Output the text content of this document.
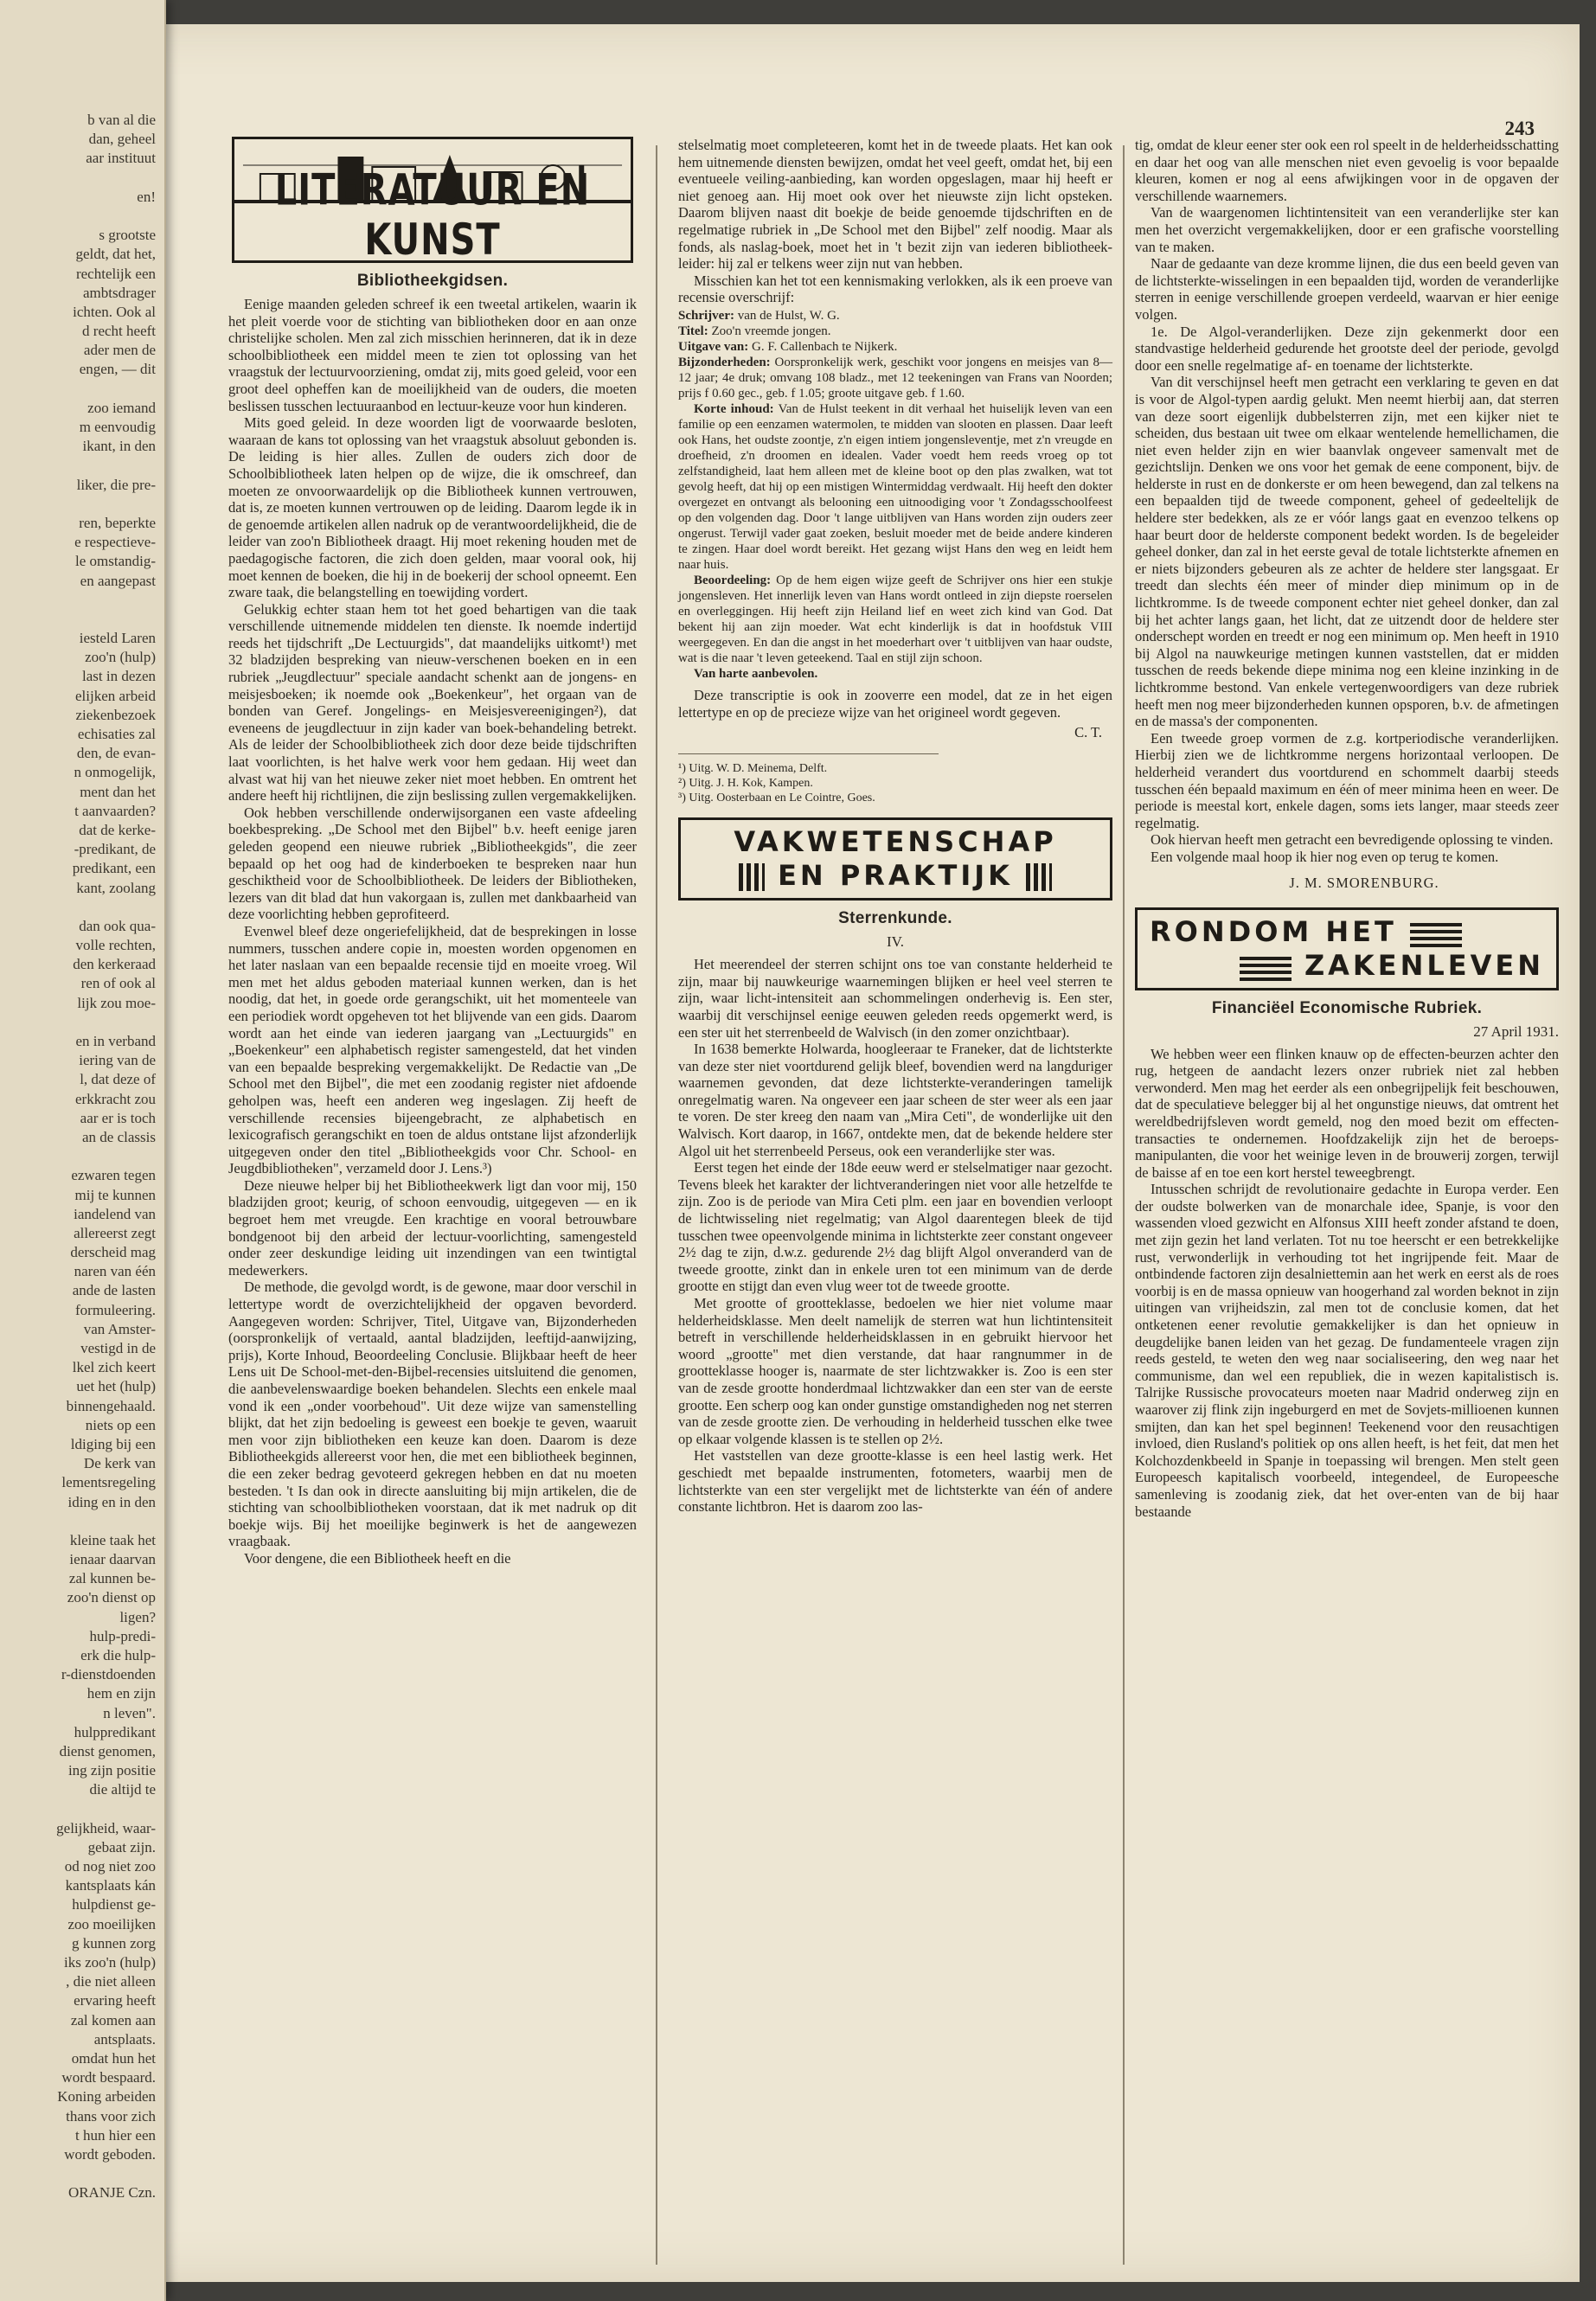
243
LITERATUUR EN KUNST
Bibliotheekgidsen.

Eenige maanden geleden schreef ik een tweetal artikelen, waarin ik het pleit voerde voor de stichting van bibliotheken door en aan onze christelijke scholen. Men zal zich misschien herinneren, dat ik in deze schoolbibliotheek een middel meen te zien tot oplossing van het vraagstuk der lectuurvoorziening, omdat zij, mits goed geleid, voor een groot deel opheffen kan de moeilijkheid van de ouders, die moeten beslissen tusschen lectuuraanbod en lectuur-keuze voor hun kinderen.

Mits goed geleid. In deze woorden ligt de voorwaarde besloten, waaraan de kans tot oplossing van het vraagstuk absoluut gebonden is. De leiding is hier alles. Zullen de ouders zich door de Schoolbibliotheek laten helpen op de wijze, die ik omschreef, dan moeten ze onvoorwaardelijk op die Bibliotheek kunnen vertrouwen, dat is, ze moeten kunnen vertrouwen op de leiding. Daarom legde ik in de genoemde artikelen allen nadruk op de verantwoordelijkheid, die de leider van zoo'n Bibliotheek draagt. Hij moet rekening houden met de paedagogische factoren, die zich doen gelden, maar vooral ook, hij moet kennen de boeken, die hij in de boekerij der school opneemt. Een zware taak, die belangstelling en toewijding vordert.

Gelukkig echter staan hem tot het goed behartigen van die taak verschillende uitnemende middelen ten dienste. Ik noemde indertijd reeds het tijdschrift „De Lectuurgids", dat maandelijks uitkomt¹) met 32 bladzijden bespreking van nieuw-verschenen boeken en in een rubriek „Jeugdlectuur" speciale aandacht schenkt aan de jongens- en meisjesboeken; ik noemde ook „Boekenkeur", het orgaan van de bonden van Geref. Jongelings- en Meisjesvereenigingen²), dat eveneens de jeugdlectuur in zijn kader van boek-behandeling betrekt. Als de leider der Schoolbibliotheek zich door deze beide tijdschriften laat voorlichten, is het halve werk voor hem gedaan. Hij weet dan alvast wat hij van het nieuwe zeker niet moet hebben. En omtrent het andere heeft hij richtlijnen, die zijn beslissing zullen vergemakkelijken.

Ook hebben verschillende onderwijsorganen een vaste afdeeling boekbespreking. „De School met den Bijbel" b.v. heeft eenige jaren geleden geopend een nieuwe rubriek „Bibliotheekgids", die zeer bepaald op het oog had de kinderboeken te bespreken naar hun geschiktheid voor de Schoolbibliotheek. De leiders der Bibliotheken, lezers van dit blad dat hun vakorgaan is, zullen met dankbaarheid van deze voorlichting hebben geprofiteerd.

Evenwel bleef deze ongeriefelijkheid, dat de besprekingen in losse nummers, tusschen andere copie in, moesten worden opgenomen en het later naslaan van een bepaalde recensie tijd en moeite vroeg. Wil men met het aldus geboden materiaal kunnen werken, dan is het noodig, dat het, in goede orde gerangschikt, uit het momenteele van een periodiek wordt opgeheven tot het blijvende van een gids. Daarom wordt aan het einde van iederen jaargang van „Lectuurgids" en „Boekenkeur" een alphabetisch register samengesteld, dat het vinden van een bepaalde bespreking vergemakkelijkt. De Redactie van „De School met den Bijbel", die met een zoodanig register niet afdoende geholpen was, heeft een anderen weg ingeslagen. Zij heeft de verschillende recensies bijeengebracht, ze alphabetisch en lexicografisch gerangschikt en toen de aldus ontstane lijst afzonderlijk uitgegeven onder den titel „Bibliotheekgids voor Chr. School- en Jeugdbibliotheken", verzameld door J. Lens.³)

Deze nieuwe helper bij het Bibliotheekwerk ligt dan voor mij, 150 bladzijden groot; keurig, of schoon eenvoudig, uitgegeven — en ik begroet hem met vreugde. Een krachtige en vooral betrouwbare bondgenoot bij den arbeid der lectuur-voorlichting, samengesteld onder zeer deskundige leiding uit inzendingen van een twintigtal medewerkers.

De methode, die gevolgd wordt, is de gewone, maar door verschil in lettertype wordt de overzichtelijkheid der opgaven bevorderd. Aangegeven worden: Schrijver, Titel, Uitgave van, Bijzonderheden (oorspronkelijk of vertaald, aantal bladzijden, leeftijd-aanwijzing, prijs), Korte Inhoud, Beoordeeling Conclusie. Blijkbaar heeft de heer Lens uit De School-met-den-Bijbel-recensies uitsluitend die genomen, die aanbevelenswaardige boeken behandelen. Slechts een enkele maal vond ik een „onder voorbehoud". Uit deze wijze van samenstelling blijkt, dat het zijn bedoeling is geweest een boekje te geven, waaruit men voor zijn bibliotheken een keuze kan doen. Daarom is deze Bibliotheekgids allereerst voor hen, die met een bibliotheek beginnen, die een zeker bedrag gevoteerd gekregen hebben en dat nu moeten besteden. 't Is dan ook in directe aansluiting bij mijn artikelen, die de stichting van schoolbibliotheken voorstaan, dat ik met nadruk op dit boekje wijs. Bij het moeilijke beginwerk is het de aangewezen vraagbaak.

Voor dengene, die een Bibliotheek heeft en die

stelselmatig moet completeeren, komt het in de tweede plaats. Het kan ook hem uitnemende diensten bewijzen, omdat het veel geeft, omdat het, bij een eventueele veiling-aanbieding, kan worden opgeslagen, maar hij heeft er niet genoeg aan. Hij moet ook over het nieuwste zijn licht opsteken. Daarom blijven naast dit boekje de beide genoemde tijdschriften en de regelmatige rubriek in „De School met den Bijbel" zelf noodig. Maar als fonds, als naslag-boek, moet het in 't bezit zijn van iederen bibliotheek-leider: hij zal er telkens weer zijn nut van hebben.

Misschien kan het tot een kennismaking verlokken, als ik een proeve van recensie overschrijf:

Schrijver: van de Hulst, W. G.

Titel: Zoo'n vreemde jongen.

Uitgave van: G. F. Callenbach te Nijkerk.

Bijzonderheden: Oorspronkelijk werk, geschikt voor jongens en meisjes van 8—12 jaar; 4e druk; omvang 108 bladz., met 12 teekeningen van Frans van Noorden; prijs f 0.60 gec., geb. f 1.05; groote uitgave geb. f 1.60.

Korte inhoud: Van de Hulst teekent in dit verhaal het huiselijk leven van een familie op een eenzamen watermolen, te midden van slooten en plassen. Daar leeft ook Hans, het oudste zoontje, z'n eigen intiem jongensleventje, met z'n vreugde en droefheid, z'n droomen en idealen. Vader voedt hem reeds vroeg op tot zelfstandigheid, laat hem alleen met de kleine boot op den plas zwalken, wat tot gevolg heeft, dat hij op een mistigen Wintermiddag verdwaalt. Hij heeft den dokter overgezet en ontvangt als belooning een uitnoodiging voor 't Zondagsschoolfeest op den volgenden dag. Door 't lange uitblijven van Hans worden zijn ouders zeer ongerust. Terwijl vader gaat zoeken, besluit moeder met de beide andere kinderen te zingen. Haar doel wordt bereikt. Het gezang wijst Hans den weg en leidt hem naar huis.

Beoordeeling: Op de hem eigen wijze geeft de Schrijver ons hier een stukje jongensleven. Het innerlijk leven van Hans wordt ontleed in zijn diepste roerselen en overleggingen. Hij heeft zijn Heiland lief en weet zich kind van God. Dat bekent hij aan zijn moeder. Wat echt kinderlijk is dat in hoofdstuk VIII weergegeven. En dan die angst in het moederhart over 't uitblijven van haar oudste, wat is die naar 't leven geteekend. Taal en stijl zijn schoon.

Van harte aanbevolen.

Deze transcriptie is ook in zooverre een model, dat ze in het eigen lettertype en op de precieze wijze van het origineel wordt gegeven.

C. T.
¹) Uitg. W. D. Meinema, Delft.
²) Uitg. J. H. Kok, Kampen.
³) Uitg. Oosterbaan en Le Cointre, Goes.
VAKWETENSCHAP
EN PRAKTIJK
Sterrenkunde.
IV.

Het meerendeel der sterren schijnt ons toe van constante helderheid te zijn, maar bij nauwkeurige waarnemingen blijken er heel veel sterren te zijn, waar licht-intensiteit aan schommelingen onderhevig is. Een ster, waarbij dit verschijnsel eenige eeuwen geleden reeds opgemerkt werd, is een ster uit het sterrenbeeld de Walvisch (in den zomer onzichtbaar).

In 1638 bemerkte Holwarda, hoogleeraar te Franeker, dat de lichtsterkte van deze ster niet voortdurend gelijk bleef, bovendien werd na langduriger waarnemen gevonden, dat deze lichtsterkte-veranderingen tamelijk onregelmatig waren. Na ongeveer een jaar scheen de ster weer als een jaar te voren. De ster kreeg den naam van „Mira Ceti", de wonderlijke uit den Walvisch. Kort daarop, in 1667, ontdekte men, dat de bekende heldere ster Algol uit het sterrenbeeld Perseus, ook een veranderlijke ster was.

Eerst tegen het einde der 18de eeuw werd er stelselmatiger naar gezocht. Tevens bleek het karakter der lichtveranderingen niet voor alle hetzelfde te zijn. Zoo is de periode van Mira Ceti plm. een jaar en bovendien verloopt de lichtwisseling niet regelmatig; van Algol daarentegen bleek de tijd tusschen twee opeenvolgende minima in lichtsterkte zeer constant ongeveer 2½ dag te zijn, d.w.z. gedurende 2½ dag blijft Algol onveranderd van de tweede grootte, zinkt dan in enkele uren tot een minimum van de derde grootte en stijgt dan even vlug weer tot de tweede grootte.

Met grootte of grootteklasse, bedoelen we hier niet volume maar helderheidsklasse. Men deelt namelijk de sterren wat hun lichtintensiteit betreft in verschillende helderheidsklassen in en gebruikt hiervoor het woord „grootte" met dien verstande, dat haar rangnummer in de grootteklasse hooger is, naarmate de ster lichtzwakker is. Zoo is een ster van de zesde grootte honderdmaal lichtzwakker dan een ster van de eerste grootte. Een scherp oog kan onder gunstige omstandigheden nog net sterren van de zesde grootte zien. De verhouding in helderheid tusschen elke twee op elkaar volgende klassen is te stellen op 2½.

Het vaststellen van deze grootte-klasse is een heel lastig werk. Het geschiedt met bepaalde instrumenten, fotometers, waarbij men de lichtsterkte van een ster vergelijkt met de lichtsterkte van één of andere constante lichtbron. Het is daarom zoo las-

tig, omdat de kleur eener ster ook een rol speelt in de helderheidsschatting en daar het oog van alle menschen niet even gevoelig is voor bepaalde kleuren, komen er nog al eens afwijkingen voor in de opgaven der verschillende waarnemers.

Van de waargenomen lichtintensiteit van een veranderlijke ster kan men het overzicht vergemakkelijken, door er een grafische voorstelling van te maken.

Naar de gedaante van deze kromme lijnen, die dus een beeld geven van de lichtsterkte-wisselingen in een bepaalden tijd, worden de veranderlijke sterren in eenige verschillende groepen verdeeld, waarvan er hier eenige volgen.

1e. De Algol-veranderlijken. Deze zijn gekenmerkt door een standvastige helderheid gedurende het grootste deel der periode, gevolgd door een snelle regelmatige af- en toename der lichtsterkte.

Van dit verschijnsel heeft men getracht een verklaring te geven en dat is voor de Algol-typen aardig gelukt. Men neemt hierbij aan, dat sterren van deze soort eigenlijk dubbelsterren zijn, met een kijker niet te scheiden, dus bestaan uit twee om elkaar wentelende hemellichamen, die niet even helder zijn en wier baanvlak ongeveer samenvalt met de gezichtslijn. Denken we ons voor het gemak de eene component, bijv. de helderste in rust en de donkerste er om heen bewegend, dan zal telkens na een bepaalden tijd de tweede component, geheel of gedeeltelijk de heldere ster bedekken, als ze er vóór langs gaat en evenzoo telkens op haar beurt door de helderste component bedekt worden. Is de begeleider geheel donker, dan zal in het eerste geval de totale lichtsterkte afnemen en er niets bijzonders gebeuren als ze achter de heldere ster langsgaat. Er treedt dan slechts één meer of minder diep minimum op in de lichtkromme. Is de tweede component echter niet geheel donker, dan zal bij het achter langs gaan, het licht, dat ze uitzendt door de heldere ster onderschept worden en treedt er nog een minimum op. Men heeft in 1910 bij Algol na nauwkeurige metingen kunnen vaststellen, dat er midden tusschen de reeds bekende diepe minima nog een kleine inzinking in de lichtkromme bestond. Van enkele vertegenwoordigers van deze rubriek heeft men nog meer bijzonderheden kunnen opsporen, b.v. de afmetingen en de massa's der componenten.

Een tweede groep vormen de z.g. kortperiodische veranderlijken. Hierbij zien we de lichtkromme nergens horizontaal verloopen. De helderheid verandert dus voortdurend en schommelt daarbij steeds tusschen één bepaald maximum en één of meer minima heen en weer. De periode is meestal kort, enkele dagen, soms iets langer, maar steeds zeer regelmatig.

Ook hiervan heeft men getracht een bevredigende oplossing te vinden.

Een volgende maal hoop ik hier nog even op terug te komen.

J. M. SMORENBURG.
RONDOM HET
ZAKENLEVEN
Financiëel Economische Rubriek.
27 April 1931.

We hebben weer een flinken knauw op de effecten-beurzen achter den rug, hetgeen de aandacht lezers onzer rubriek niet zal hebben verwonderd. Men mag het eerder als een onbegrijpelijk feit beschouwen, dat de speculatieve belegger bij al het ongunstige nieuws, dat omtrent het wereldbedrijfsleven wordt gemeld, nog den moed bezit om effecten-transacties te ondernemen. Hoofdzakelijk zijn het de beroeps-manipulanten, die voor het weinige leven in de brouwerij zorgen, terwijl de baisse af en toe een kort herstel teweegbrengt.

Intusschen schrijdt de revolutionaire gedachte in Europa verder. Een der oudste bolwerken van de monarchale idee, Spanje, is voor den wassenden vloed gezwicht en Alfonsus XIII heeft zonder afstand te doen, met zijn gezin het land verlaten. Tot nu toe heerscht er een betrekkelijke rust, verwonderlijk in verhouding tot het ingrijpende feit. Maar de ontbindende factoren zijn desalniettemin aan het werk en eerst als de roes voorbij is en de massa opnieuw van hoogerhand zal worden beknot in zijn uitingen van vrijheidszin, zal men tot de conclusie komen, dat het ontketenen eener revolutie gemakkelijker is dan het opnieuw in deugdelijke banen leiden van het gezag. De fundamenteele vragen zijn reeds gesteld, te weten den weg naar socialiseering, den weg naar het communisme, dan wel een republiek, die in wezen kapitalistisch is. Talrijke Russische provocateurs moeten naar Madrid onderweg zijn en waarover zij flink zijn ingeburgerd en met de Sovjets-millioenen kunnen smijten, dan kan het spel beginnen! Teekenend voor den reusachtigen invloed, dien Rusland's politiek op ons allen heeft, is het feit, dat men het Kolchozdenkbeeld in Spanje in toepassing wil brengen. Men stelt geen Europeesch kapitalisch voorbeeld, integendeel, de Europeesche samenleving is zoodanig ziek, dat het over-enten van de bij haar bestaande

b van al die
dan, geheel
aar instituut
en!
s grootste
geldt, dat het,
rechtelijk een
ambtsdrager
ichten. Ook al
d recht heeft
ader men de
engen, — dit
zoo iemand
m eenvoudig
ikant, in den
liker, die pre-
ren, beperkte
e respectieve-
le omstandig-
en aangepast
iesteld Laren
zoo'n (hulp)
last in dezen
elijken arbeid
ziekenbezoek
echisaties zal
den, de evan-
n onmogelijk,
ment dan het
t aanvaarden?
dat de kerke-
-predikant, de
predikant, een
kant, zoolang
dan ook qua-
volle rechten,
den kerkeraad
ren of ook al
lijk zou moe-
en in verband
iering van de
l, dat deze of
erkkracht zou
aar er is toch
an de classis
ezwaren tegen
mij te kunnen
iandelend van
allereerst zegt
derscheid mag
naren van één
ande de lasten
formuleering.
van Amster-
vestigd in de
lkel zich keert
uet het (hulp)
binnengehaald.
niets op een
ldiging bij een
De kerk van
lementsregeling
iding en in den
kleine taak het
ienaar daarvan
zal kunnen be-
zoo'n dienst op
ligen?
hulp-predi-
erk die hulp-
r-dienstdoenden
hem en zijn
n leven".
hulppredikant
dienst genomen,
ing zijn positie
die altijd te
gelijkheid, waar-
gebaat zijn.
od nog niet zoo
kantsplaats kán
hulpdienst ge-
zoo moeilijken
g kunnen zorg
iks zoo'n (hulp)
, die niet alleen
ervaring heeft
zal komen aan
antsplaats.
omdat hun het
wordt bespaard.
Koning arbeiden
thans voor zich
t hun hier een
wordt geboden.
ORANJE Czn.
